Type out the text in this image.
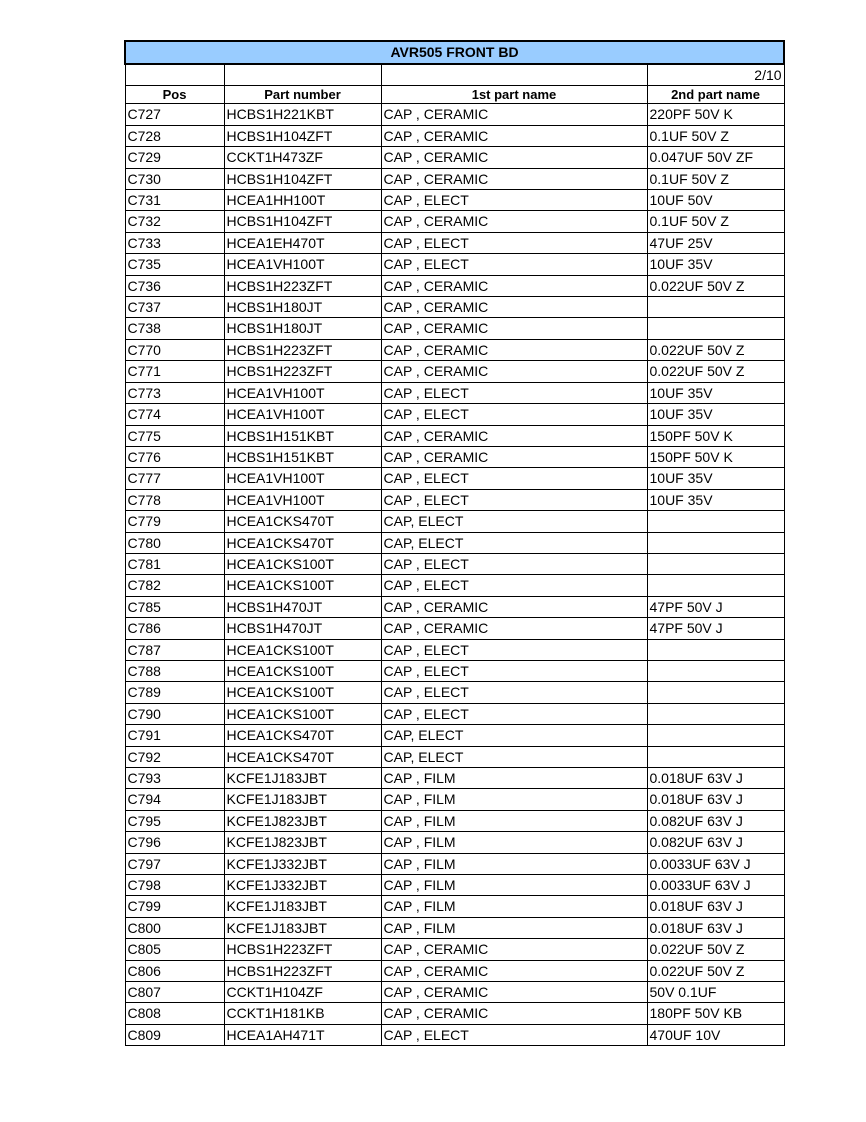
AVR505 FRONT BD			
			2/10
Pos	Part number	1st part name	2nd part name
C727	HCBS1H221KBT	CAP , CERAMIC	220PF 50V K
C728	HCBS1H104ZFT	CAP , CERAMIC	0.1UF 50V Z
C729	CCKT1H473ZF	CAP , CERAMIC	0.047UF 50V ZF
C730	HCBS1H104ZFT	CAP , CERAMIC	0.1UF 50V Z
C731	HCEA1HH100T	CAP , ELECT	10UF 50V
C732	HCBS1H104ZFT	CAP , CERAMIC	0.1UF 50V Z
C733	HCEA1EH470T	CAP , ELECT	47UF 25V
C735	HCEA1VH100T	CAP , ELECT	10UF 35V
C736	HCBS1H223ZFT	CAP , CERAMIC	0.022UF 50V Z
C737	HCBS1H180JT	CAP , CERAMIC	
C738	HCBS1H180JT	CAP , CERAMIC	
C770	HCBS1H223ZFT	CAP , CERAMIC	0.022UF 50V Z
C771	HCBS1H223ZFT	CAP , CERAMIC	0.022UF 50V Z
C773	HCEA1VH100T	CAP , ELECT	10UF 35V
C774	HCEA1VH100T	CAP , ELECT	10UF 35V
C775	HCBS1H151KBT	CAP , CERAMIC	150PF 50V K
C776	HCBS1H151KBT	CAP , CERAMIC	150PF 50V K
C777	HCEA1VH100T	CAP , ELECT	10UF 35V
C778	HCEA1VH100T	CAP , ELECT	10UF 35V
C779	HCEA1CKS470T	CAP, ELECT	
C780	HCEA1CKS470T	CAP, ELECT	
C781	HCEA1CKS100T	CAP , ELECT	
C782	HCEA1CKS100T	CAP , ELECT	
C785	HCBS1H470JT	CAP , CERAMIC	47PF 50V J
C786	HCBS1H470JT	CAP , CERAMIC	47PF 50V J
C787	HCEA1CKS100T	CAP , ELECT	
C788	HCEA1CKS100T	CAP , ELECT	
C789	HCEA1CKS100T	CAP , ELECT	
C790	HCEA1CKS100T	CAP , ELECT	
C791	HCEA1CKS470T	CAP, ELECT	
C792	HCEA1CKS470T	CAP, ELECT	
C793	KCFE1J183JBT	CAP , FILM	0.018UF 63V J
C794	KCFE1J183JBT	CAP , FILM	0.018UF 63V J
C795	KCFE1J823JBT	CAP , FILM	0.082UF 63V J
C796	KCFE1J823JBT	CAP , FILM	0.082UF 63V J
C797	KCFE1J332JBT	CAP , FILM	0.0033UF 63V J
C798	KCFE1J332JBT	CAP , FILM	0.0033UF 63V J
C799	KCFE1J183JBT	CAP , FILM	0.018UF 63V J
C800	KCFE1J183JBT	CAP , FILM	0.018UF 63V J
C805	HCBS1H223ZFT	CAP , CERAMIC	0.022UF 50V Z
C806	HCBS1H223ZFT	CAP , CERAMIC	0.022UF 50V Z
C807	CCKT1H104ZF	CAP , CERAMIC	50V 0.1UF
C808	CCKT1H181KB	CAP , CERAMIC	180PF 50V KB
C809	HCEA1AH471T	CAP , ELECT	470UF 10V
